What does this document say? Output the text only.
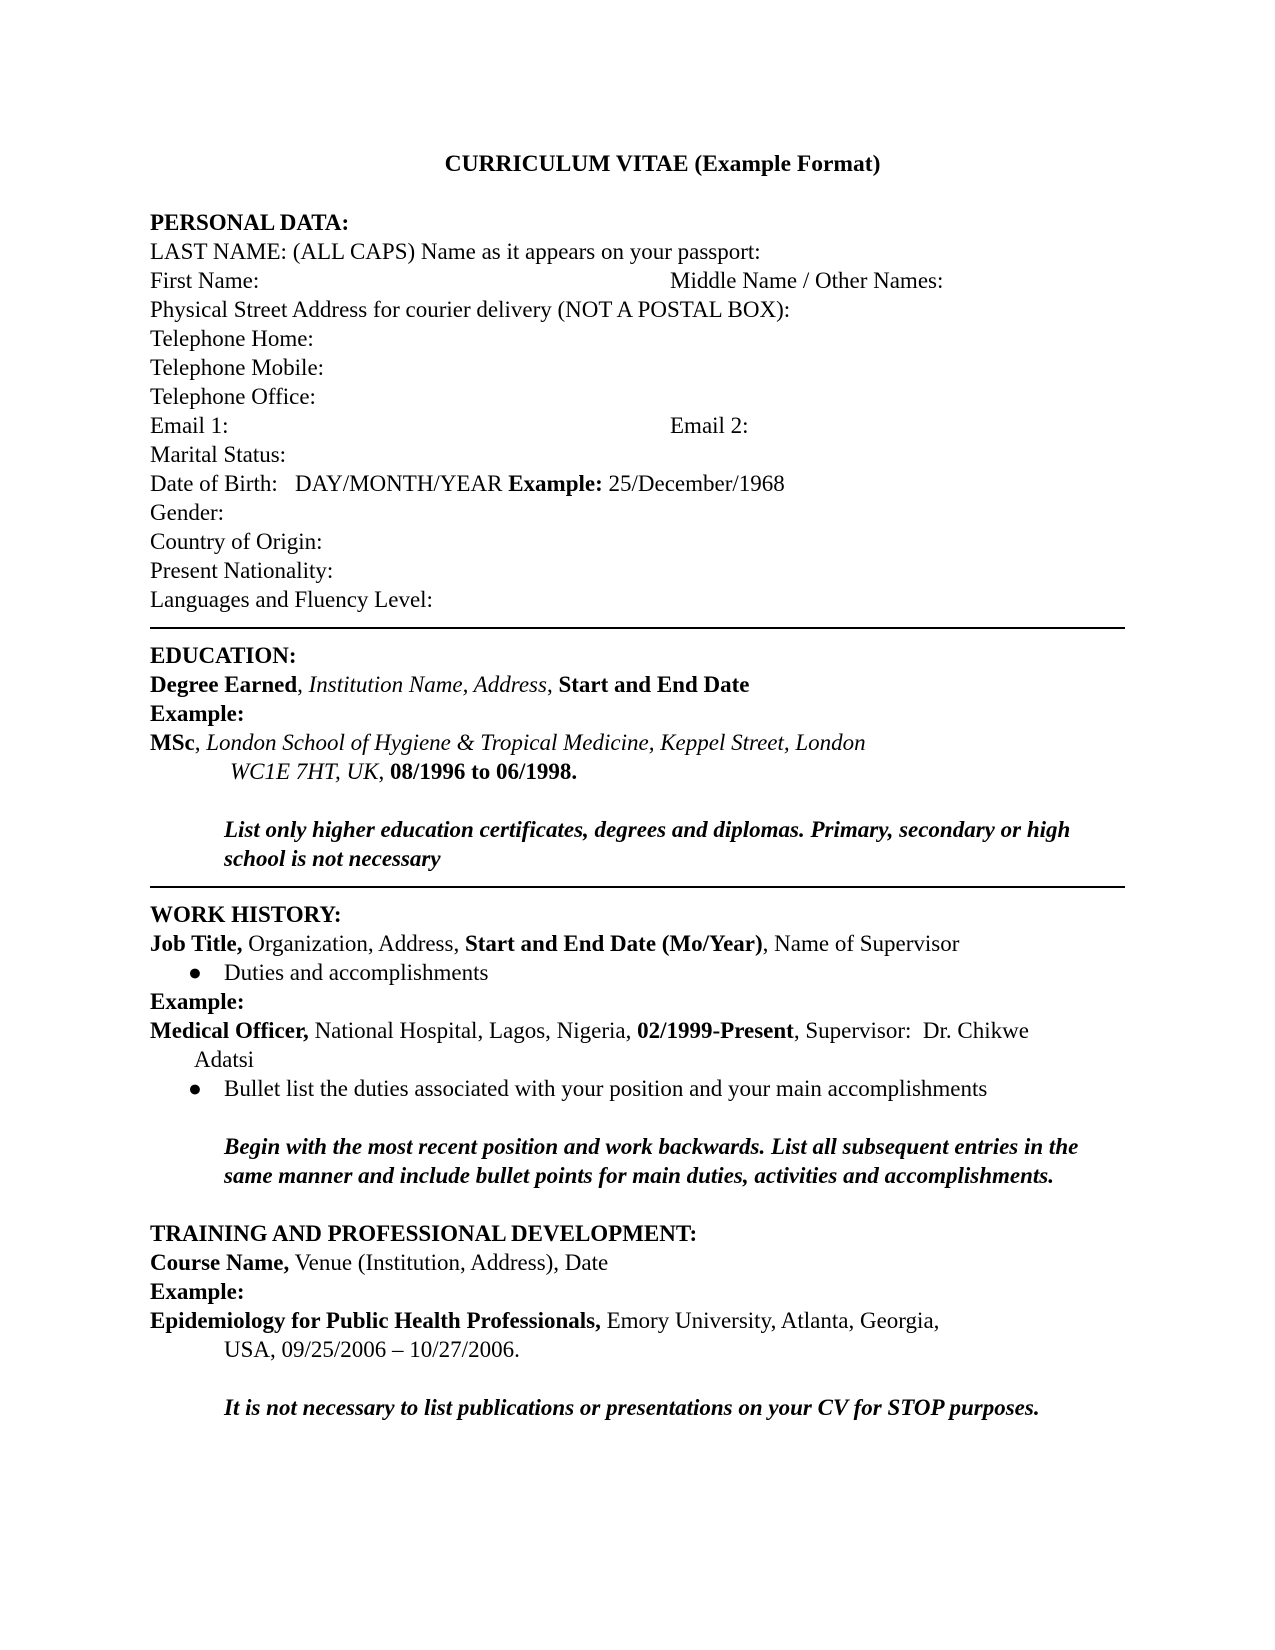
CURRICULUM VITAE (Example Format)
PERSONAL DATA:
LAST NAME: (ALL CAPS) Name as it appears on your passport:
First Name:	Middle Name / Other Names:
Physical Street Address for courier delivery (NOT A POSTAL BOX):
Telephone Home:
Telephone Mobile:
Telephone Office:
Email 1:	Email 2:
Marital Status:
Date of Birth:   DAY/MONTH/YEAR Example: 25/December/1968
Gender:
Country of Origin:
Present Nationality:
Languages and Fluency Level:
EDUCATION:
Degree Earned, Institution Name, Address, Start and End Date
Example:
MSc, London School of Hygiene & Tropical Medicine, Keppel Street, London
WC1E 7HT, UK, 08/1996 to 06/1998.
List only higher education certificates, degrees and diplomas. Primary, secondary or high school is not necessary
WORK HISTORY:
Job Title, Organization, Address, Start and End Date (Mo/Year), Name of Supervisor
● Duties and accomplishments
Example:
Medical Officer, National Hospital, Lagos, Nigeria, 02/1999-Present, Supervisor:  Dr. Chikwe
Adatsi
● Bullet list the duties associated with your position and your main accomplishments
Begin with the most recent position and work backwards. List all subsequent entries in the same manner and include bullet points for main duties, activities and accomplishments.
TRAINING AND PROFESSIONAL DEVELOPMENT:
Course Name, Venue (Institution, Address), Date
Example:
Epidemiology for Public Health Professionals, Emory University, Atlanta, Georgia,
USA, 09/25/2006 – 10/27/2006.
It is not necessary to list publications or presentations on your CV for STOP purposes.
